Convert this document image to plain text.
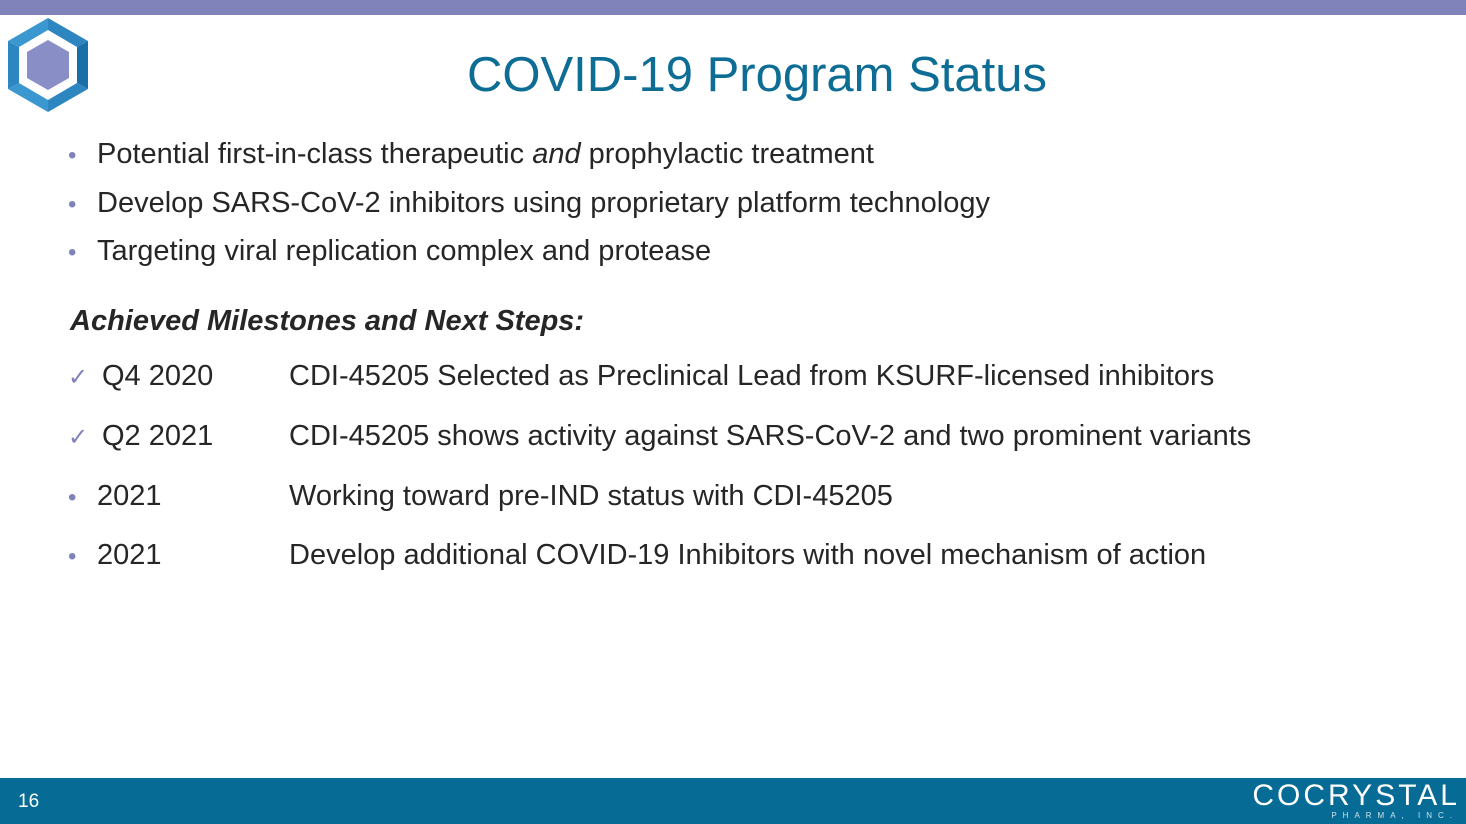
COVID-19 Program Status
• Potential first-in-class therapeutic and prophylactic treatment
• Develop SARS-CoV-2 inhibitors using proprietary platform technology
• Targeting viral replication complex and protease
Achieved Milestones and Next Steps:
✓ Q4 2020	CDI-45205 Selected as Preclinical Lead from KSURF-licensed inhibitors
✓ Q2 2021	CDI-45205 shows activity against SARS-CoV-2 and two prominent variants
• 2021	Working toward pre-IND status with CDI-45205
• 2021	Develop additional COVID-19 Inhibitors with novel mechanism of action
16	COCRYSTAL
PHARMA, INC.
